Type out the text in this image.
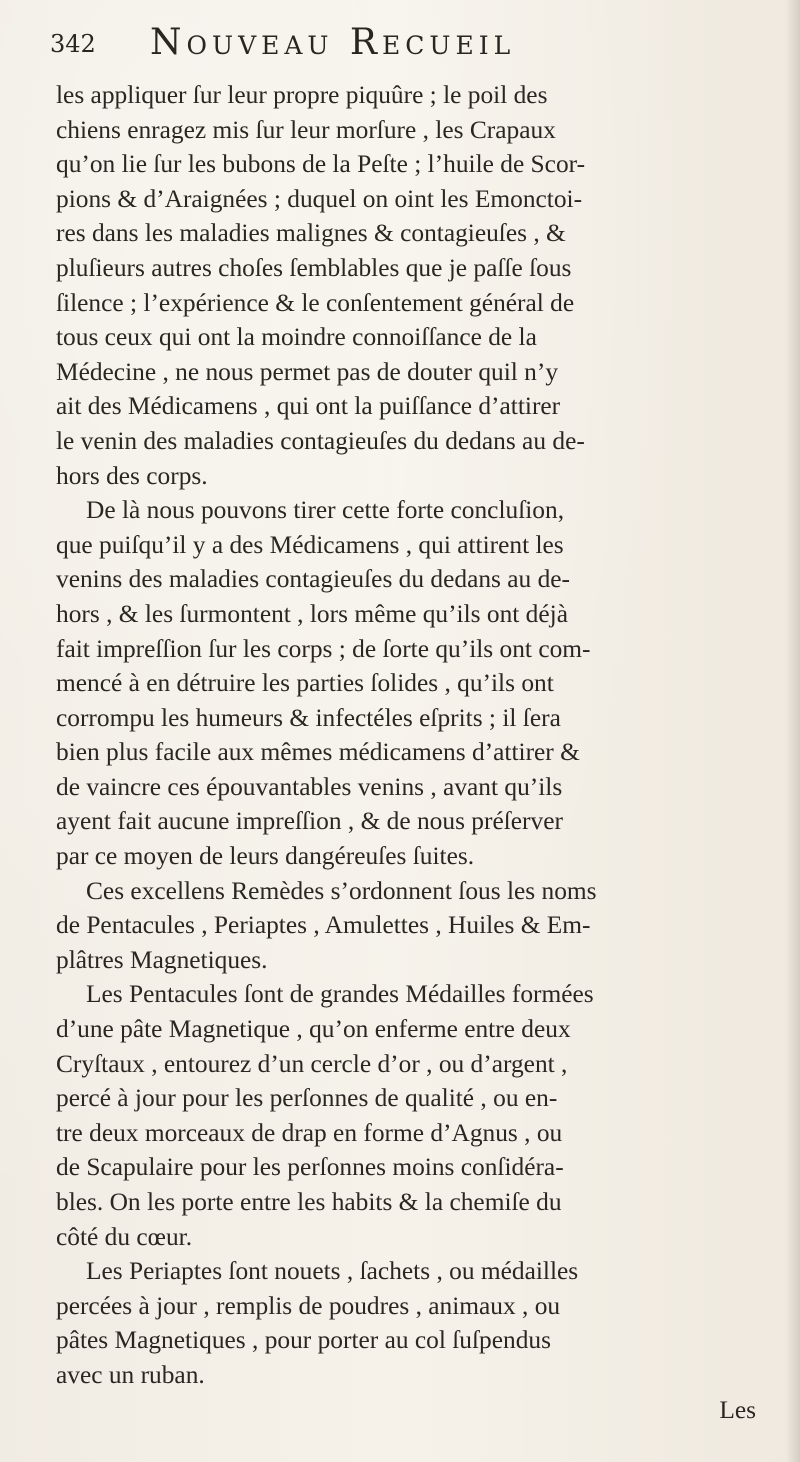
342 Nouveau Recueil
les appliquer ſur leur propre piquûre ; le poil des
chiens enragez mis ſur leur morſure , les Crapaux
qu’on lie ſur les bubons de la Peſte ; l’huile de Scor-
pions & d’Araignées ; duquel on oint les Emonctoi-
res dans les maladies malignes & contagieuſes , &
pluſieurs autres choſes ſemblables que je paſſe ſous
ſilence ; l’expérience & le conſentement général de
tous ceux qui ont la moindre connoiſſance de la
Médecine , ne nous permet pas de douter quil n’y
ait des Médicamens , qui ont la puiſſance d’attirer
le venin des maladies contagieuſes du dedans au de-
hors des corps.
De là nous pouvons tirer cette forte concluſion,
que puiſqu’il y a des Médicamens , qui attirent les
venins des maladies contagieuſes du dedans au de-
hors , & les ſurmontent , lors même qu’ils ont déjà
fait impreſſion ſur les corps ; de ſorte qu’ils ont com-
mencé à en détruire les parties ſolides , qu’ils ont
corrompu les humeurs & infectéles eſprits ; il ſera
bien plus facile aux mêmes médicamens d’attirer &
de vaincre ces épouvantables venins , avant qu’ils
ayent fait aucune impreſſion , & de nous préſerver
par ce moyen de leurs dangéreuſes ſuites.
Ces excellens Remèdes s’ordonnent ſous les noms
de Pentacules , Periaptes , Amulettes , Huiles & Em-
plâtres Magnetiques.
Les Pentacules ſont de grandes Médailles formées
d’une pâte Magnetique , qu’on enferme entre deux
Cryſtaux , entourez d’un cercle d’or , ou d’argent ,
percé à jour pour les perſonnes de qualité , ou en-
tre deux morceaux de drap en forme d’Agnus , ou
de Scapulaire pour les perſonnes moins conſidéra-
bles. On les porte entre les habits & la chemiſe du
côté du cœur.
Les Periaptes ſont nouets , ſachets , ou médailles
percées à jour , remplis de poudres , animaux , ou
pâtes Magnetiques , pour porter au col ſuſpendus
avec un ruban.
Les
